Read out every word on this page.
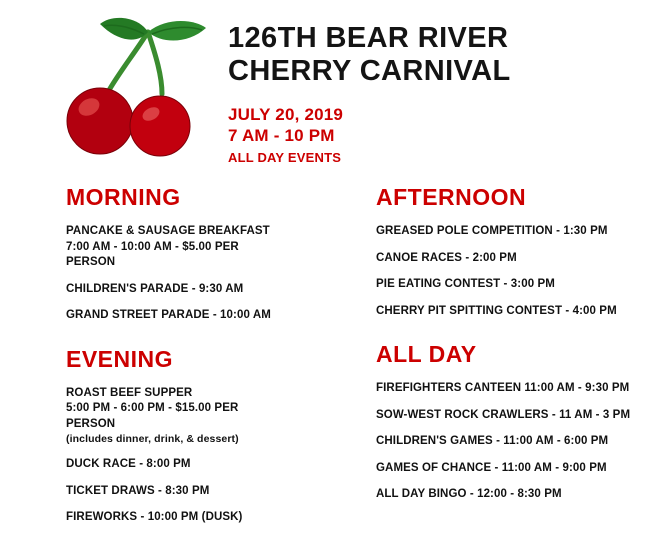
126TH BEAR RIVER
CHERRY CARNIVAL
JULY 20, 2019
7 AM - 10 PM
ALL DAY EVENTS
MORNING
PANCAKE & SAUSAGE BREAKFAST
7:00 AM - 10:00 AM - $5.00 PER PERSON
CHILDREN'S PARADE - 9:30 AM
GRAND STREET PARADE - 10:00 AM
EVENING
ROAST BEEF SUPPER
5:00 PM - 6:00 PM - $15.00 PER PERSON
(includes dinner, drink, & dessert)
DUCK RACE - 8:00 PM
TICKET DRAWS - 8:30 PM
FIREWORKS - 10:00 PM (DUSK)
AFTERNOON
GREASED POLE COMPETITION - 1:30 PM
CANOE RACES - 2:00 PM
PIE EATING CONTEST - 3:00 PM
CHERRY PIT SPITTING CONTEST - 4:00 PM
ALL DAY
FIREFIGHTERS CANTEEN 11:00 AM - 9:30 PM
SOW-WEST ROCK CRAWLERS - 11 AM - 3 PM
CHILDREN'S GAMES - 11:00 AM - 6:00 PM
GAMES OF CHANCE - 11:00 AM - 9:00 PM
ALL DAY BINGO - 12:00 - 8:30 PM
